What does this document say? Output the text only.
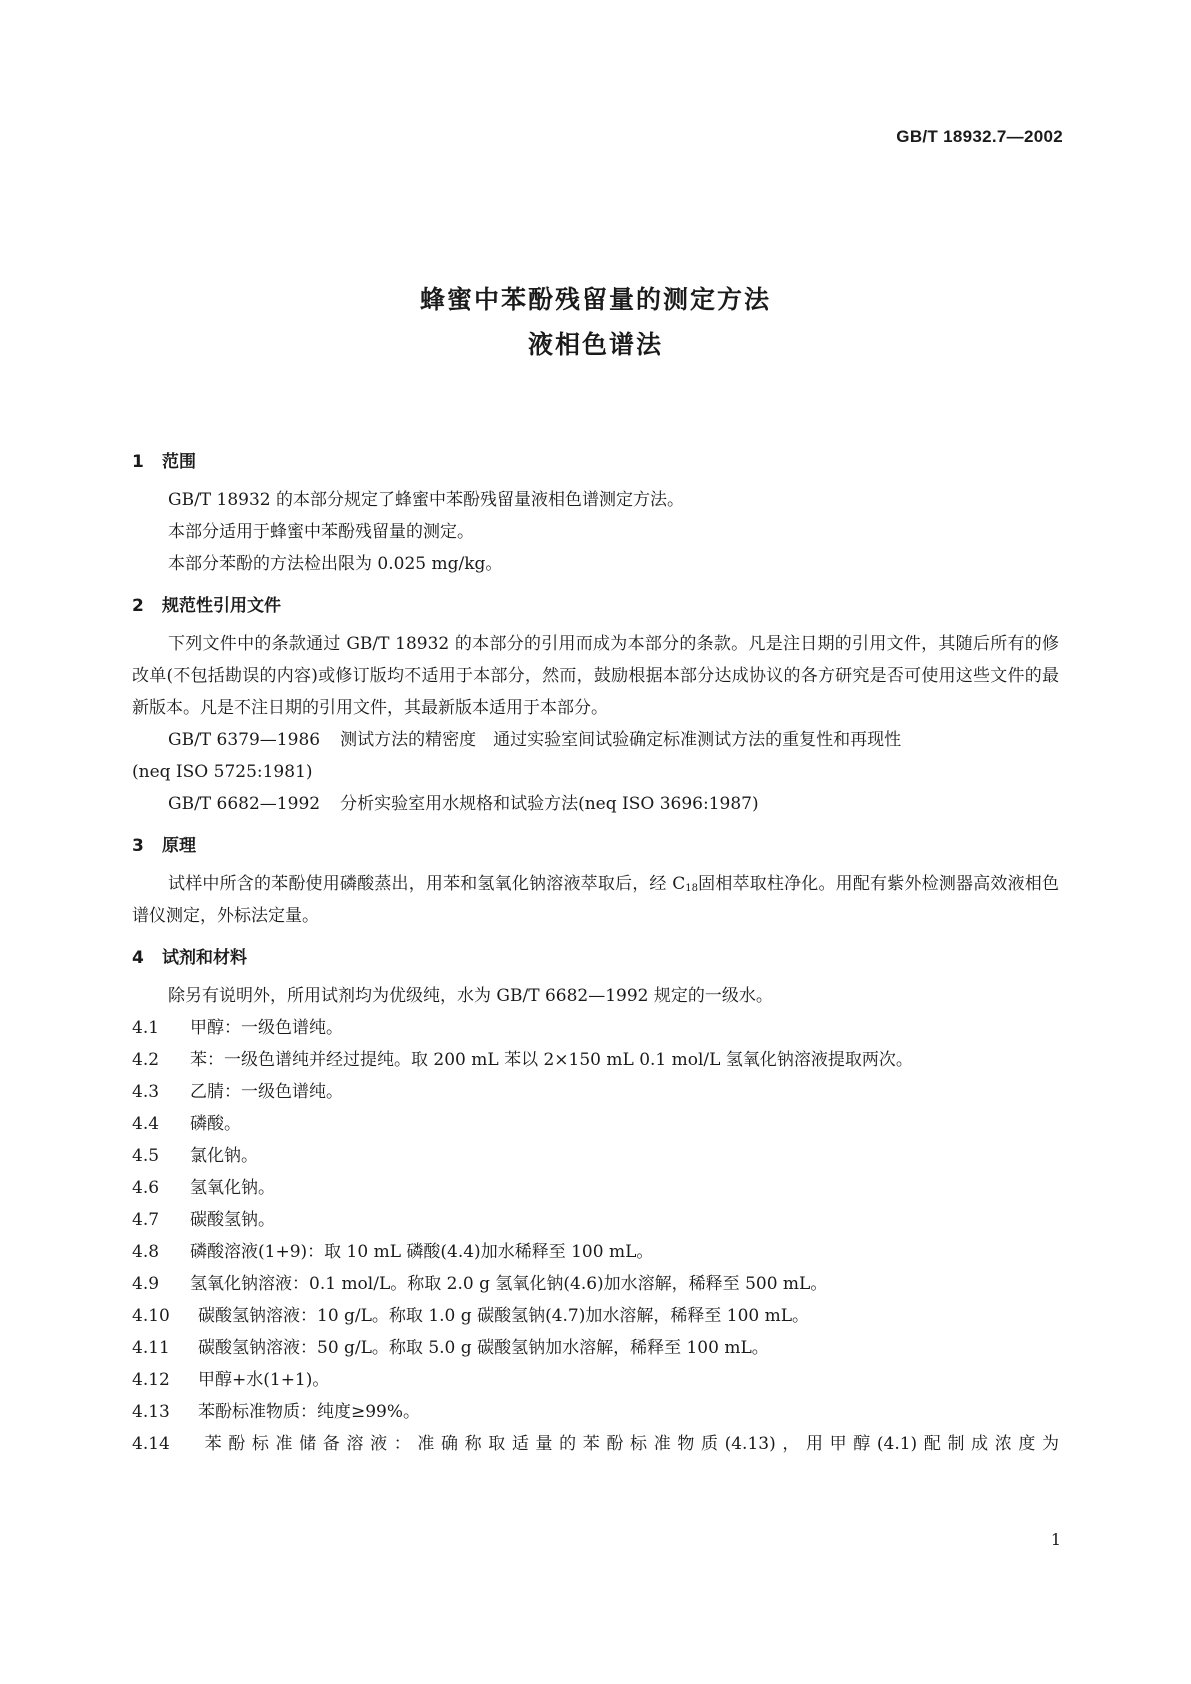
GB/T 18932.7—2002
蜂蜜中苯酚残留量的测定方法
液相色谱法
1 范围

GB/T 18932 的本部分规定了蜂蜜中苯酚残留量液相色谱测定方法。

本部分适用于蜂蜜中苯酚残留量的测定。

本部分苯酚的方法检出限为 0.025 mg/kg。

2 规范性引用文件

下列文件中的条款通过 GB/T 18932 的本部分的引用而成为本部分的条款。凡是注日期的引用文件，其随后所有的修改单(不包括勘误的内容)或修订版均不适用于本部分，然而，鼓励根据本部分达成协议的各方研究是否可使用这些文件的最新版本。凡是不注日期的引用文件，其最新版本适用于本部分。

GB/T 6379—1986 测试方法的精密度　通过实验室间试验确定标准测试方法的重复性和再现性

(neq ISO 5725:1981)

GB/T 6682—1992 分析实验室用水规格和试验方法(neq ISO 3696:1987)

3 原理

试样中所含的苯酚使用磷酸蒸出，用苯和氢氧化钠溶液萃取后，经 $C_{18}$固相萃取柱净化。用配有紫外检测器高效液相色谱仪测定，外标法定量。

4 试剂和材料

除另有说明外，所用试剂均为优级纯，水为 GB/T 6682—1992 规定的一级水。

4.1 甲醇：一级色谱纯。

4.2 苯：一级色谱纯并经过提纯。取 200 mL 苯以 2×150 mL 0.1 mol/L 氢氧化钠溶液提取两次。

4.3 乙腈：一级色谱纯。

4.4 磷酸。

4.5 氯化钠。

4.6 氢氧化钠。

4.7 碳酸氢钠。

4.8 磷酸溶液(1+9)：取 10 mL 磷酸(4.4)加水稀释至 100 mL。

4.9 氢氧化钠溶液：0.1 mol/L。称取 2.0 g 氢氧化钠(4.6)加水溶解，稀释至 500 mL。

4.10 碳酸氢钠溶液：10 g/L。称取 1.0 g 碳酸氢钠(4.7)加水溶解，稀释至 100 mL。

4.11 碳酸氢钠溶液：50 g/L。称取 5.0 g 碳酸氢钠加水溶解，稀释至 100 mL。

4.12 甲醇+水(1+1)。

4.13 苯酚标准物质：纯度≥99%。

4.14 苯酚标准储备溶液：准确称取适量的苯酚标准物质(4.13)，用甲醇(4.1)配制成浓度为

1
